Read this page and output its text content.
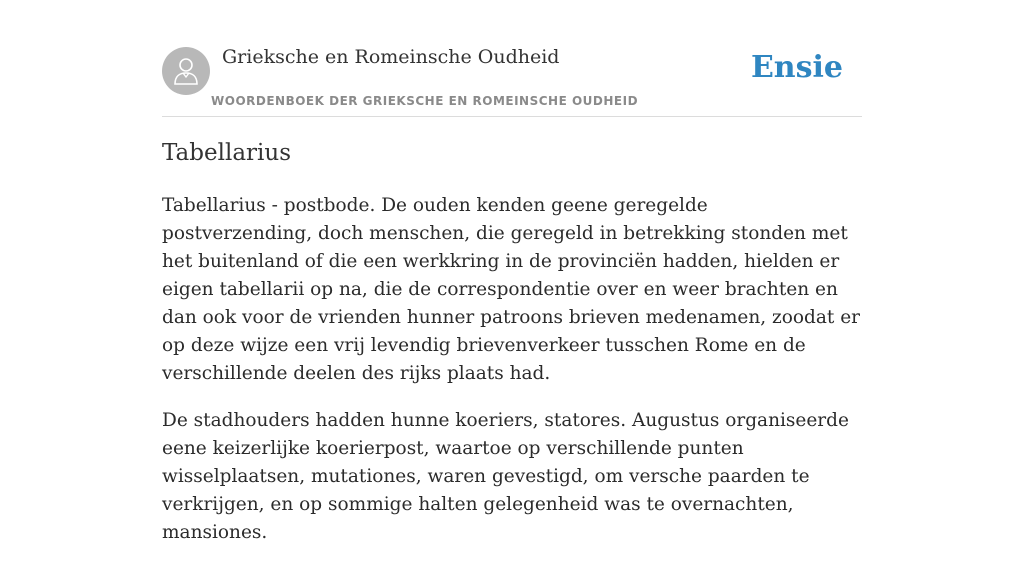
Grieksche en Romeinsche Oudheid
WOORDENBOEK DER GRIEKSCHE EN ROMEINSCHE OUDHEID
Ensie
Tabellarius

Tabellarius - postbode. De ouden kenden geene geregelde postverzending, doch menschen, die geregeld in betrekking stonden met het buitenland of die een werkkring in de provinciën hadden, hielden er eigen tabellarii op na, die de correspondentie over en weer brachten en dan ook voor de vrienden hunner patroons brieven medenamen, zoodat er op deze wijze een vrij levendig brievenverkeer tusschen Rome en de verschillende deelen des rijks plaats had.

De stadhouders hadden hunne koeriers, statores. Augustus organiseerde eene keizerlijke koerierpost, waartoe op verschillende punten wisselplaatsen, mutationes, waren gevestigd, om versche paarden te verkrijgen, en op sommige halten gelegenheid was te overnachten, mansiones.
